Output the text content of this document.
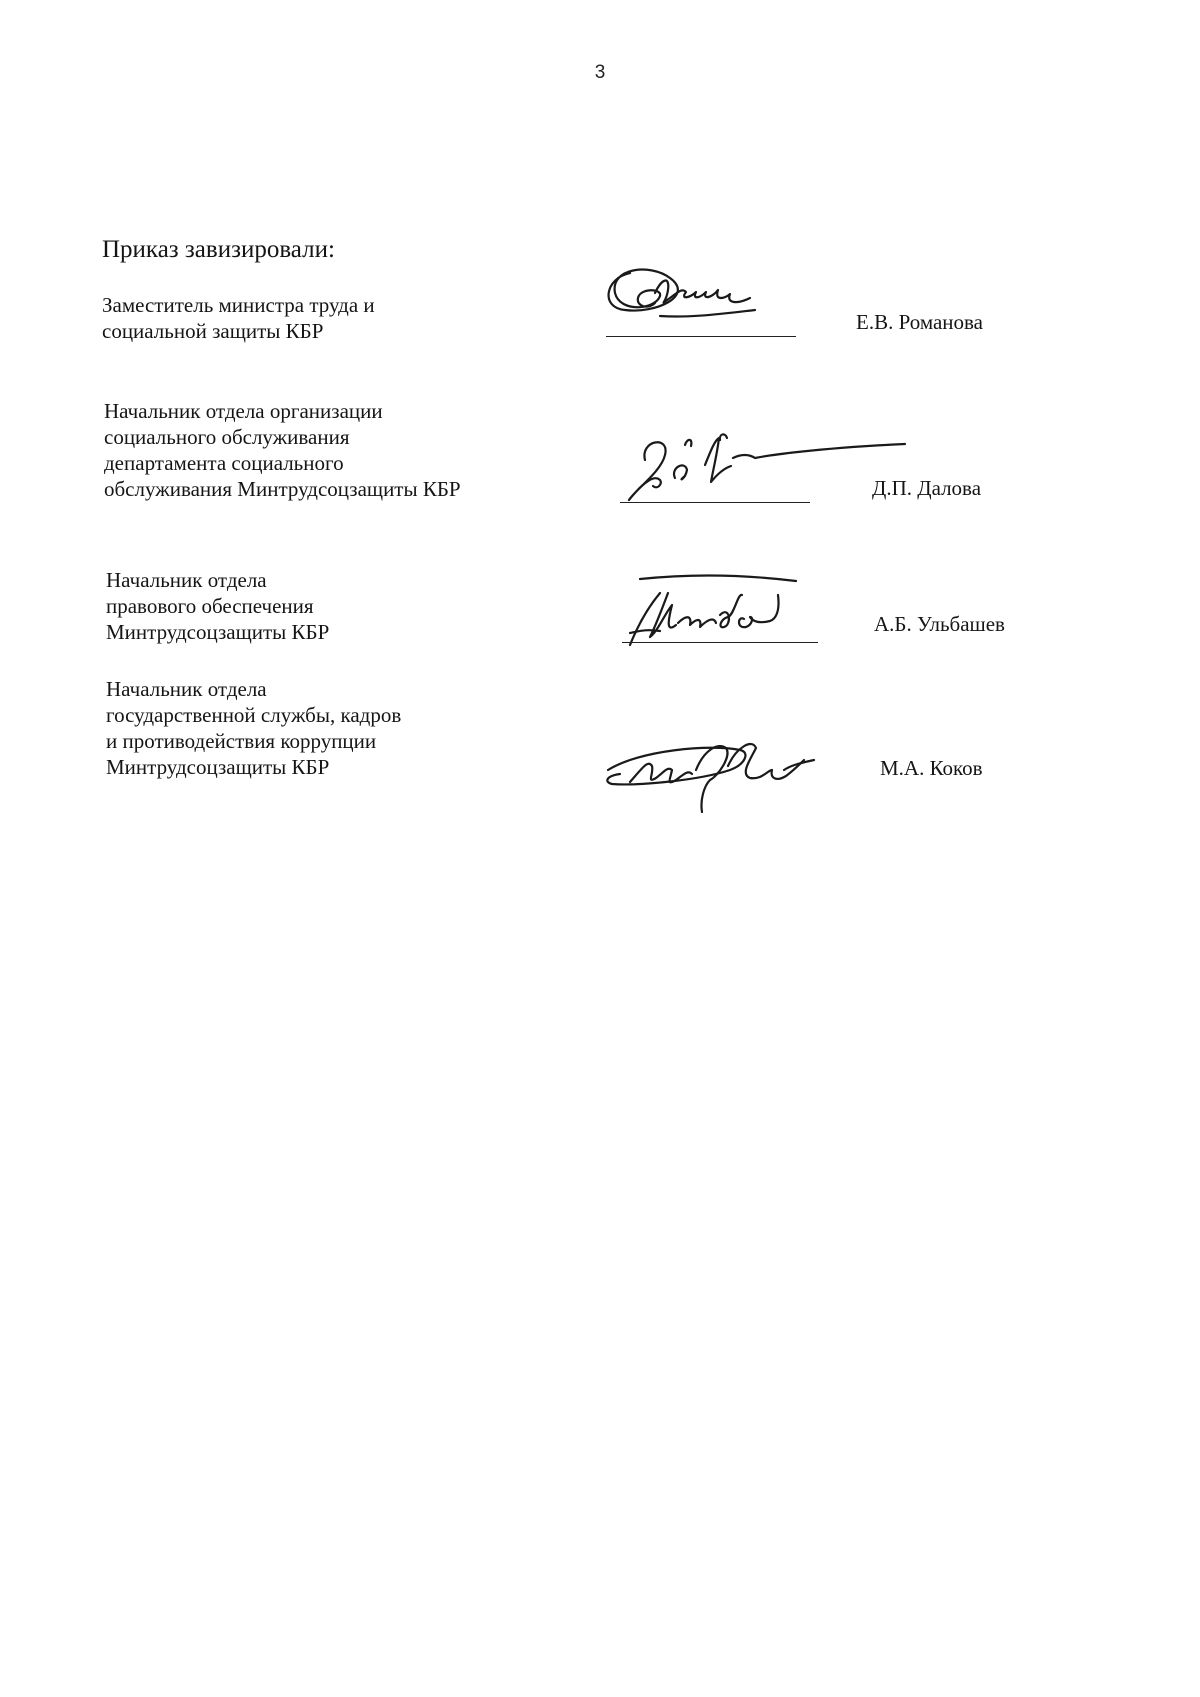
3
Приказ завизировали:
Заместитель министра труда и
социальной защиты КБР	Е.В. Романова
Начальник отдела организации
социального обслуживания
департамента социального
обслуживания Минтрудсоцзащиты КБР	Д.П. Далова
Начальник отдела
правового обеспечения
Минтрудсоцзащиты КБР	А.Б. Ульбашев
Начальник отдела
государственной службы, кадров
и противодействия коррупции
Минтрудсоцзащиты КБР	М.А. Коков
